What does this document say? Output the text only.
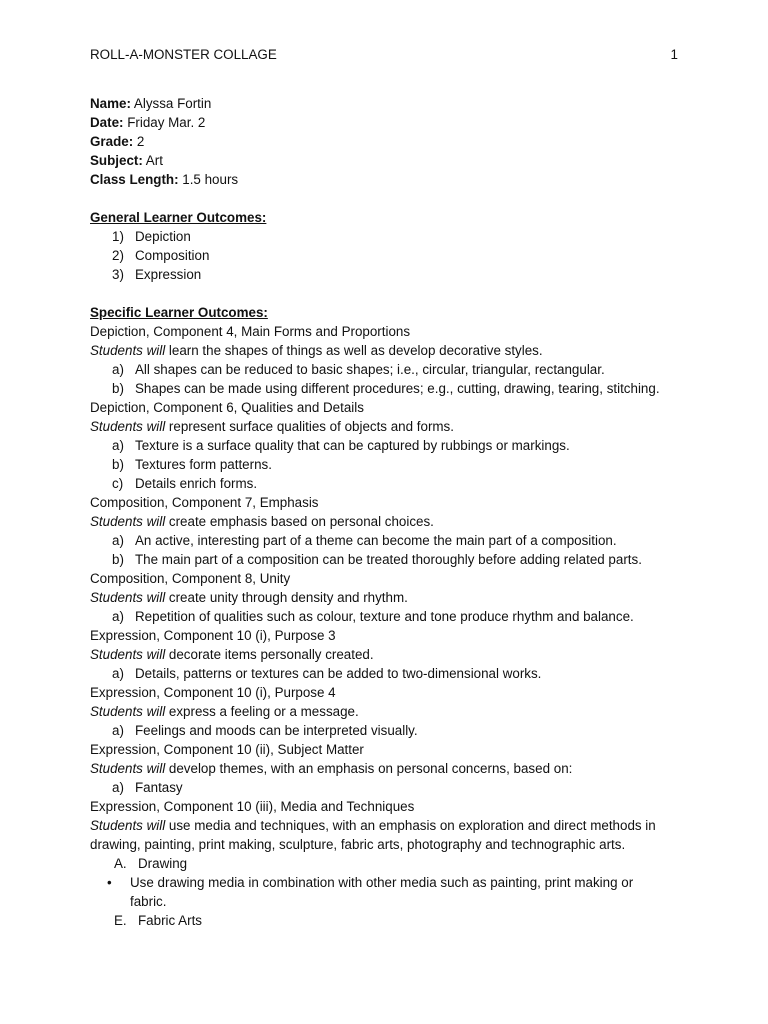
ROLL-A-MONSTER COLLAGE	1
Name: Alyssa Fortin
Date: Friday Mar. 2
Grade: 2
Subject: Art
Class Length: 1.5 hours
General Learner Outcomes:
1) Depiction
2) Composition
3) Expression
Specific Learner Outcomes:
Depiction, Component 4, Main Forms and Proportions
Students will learn the shapes of things as well as develop decorative styles.
a) All shapes can be reduced to basic shapes; i.e., circular, triangular, rectangular.
b) Shapes can be made using different procedures; e.g., cutting, drawing, tearing, stitching.
Depiction, Component 6, Qualities and Details
Students will represent surface qualities of objects and forms.
a) Texture is a surface quality that can be captured by rubbings or markings.
b) Textures form patterns.
c) Details enrich forms.
Composition, Component 7, Emphasis
Students will create emphasis based on personal choices.
a) An active, interesting part of a theme can become the main part of a composition.
b) The main part of a composition can be treated thoroughly before adding related parts.
Composition, Component 8, Unity
Students will create unity through density and rhythm.
a) Repetition of qualities such as colour, texture and tone produce rhythm and balance.
Expression, Component 10 (i), Purpose 3
Students will decorate items personally created.
a) Details, patterns or textures can be added to two-dimensional works.
Expression, Component 10 (i), Purpose 4
Students will express a feeling or a message.
a) Feelings and moods can be interpreted visually.
Expression, Component 10 (ii), Subject Matter
Students will develop themes, with an emphasis on personal concerns, based on:
a) Fantasy
Expression, Component 10 (iii), Media and Techniques
Students will use media and techniques, with an emphasis on exploration and direct methods in
drawing, painting, print making, sculpture, fabric arts, photography and technographic arts.
A. Drawing
•	Use drawing media in combination with other media such as painting, print making or
fabric.
E. Fabric Arts
